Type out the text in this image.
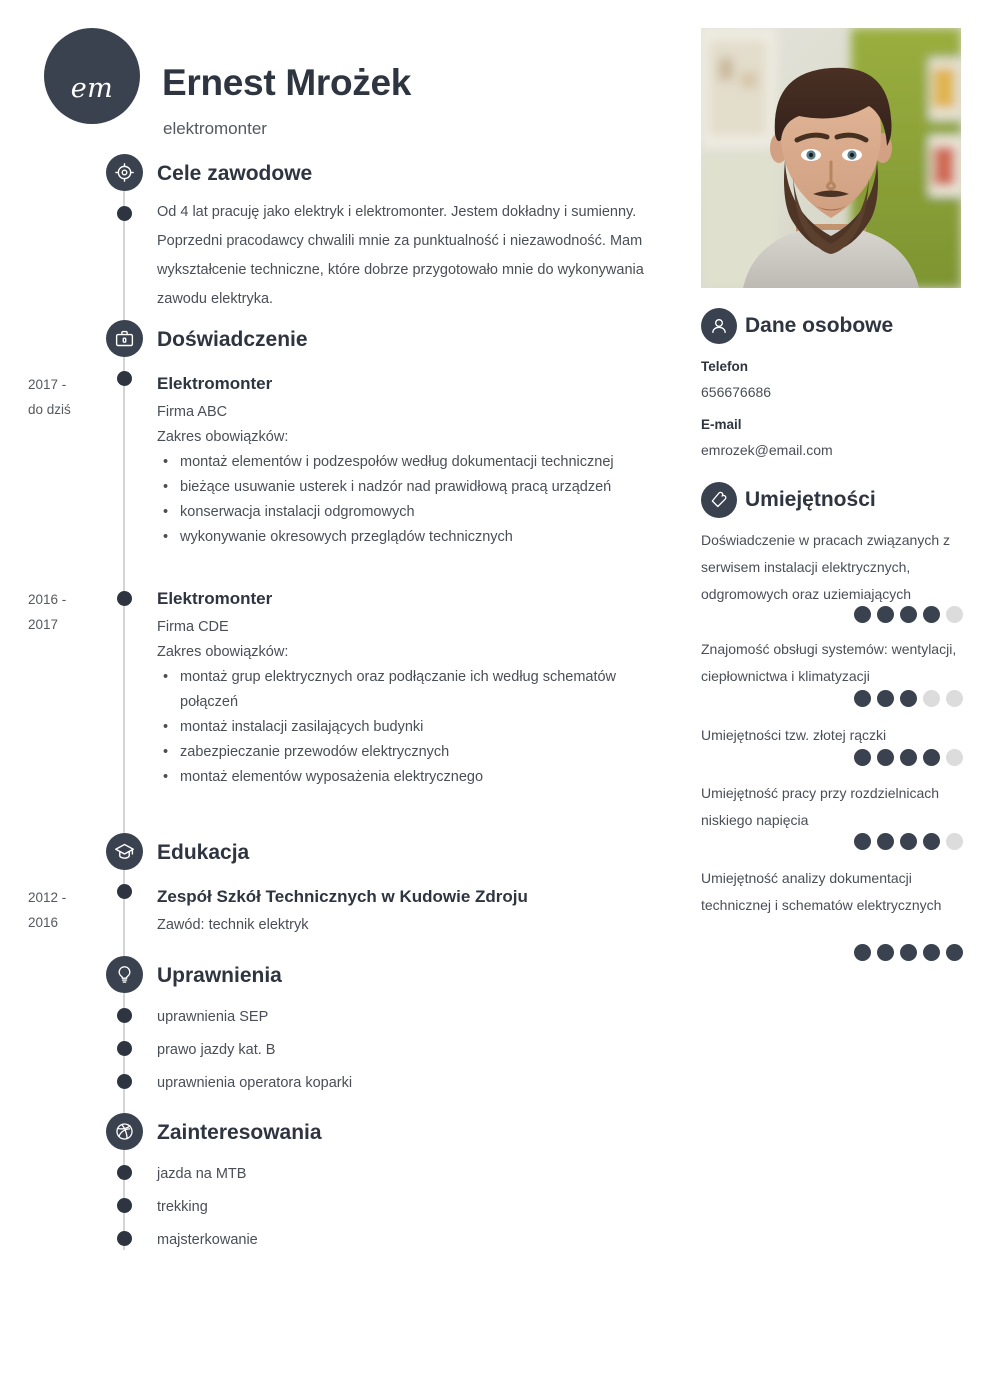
em Ernest Mrożek
elektromonter
Cele zawodowe
Od 4 lat pracuję jako elektryk i elektromonter. Jestem dokładny i sumienny. Poprzedni pracodawcy chwalili mnie za punktualność i niezawodność. Mam wykształcenie techniczne, które dobrze przygotowało mnie do wykonywania zawodu elektryka.
Doświadczenie
2017 -
do dziś
Elektromonter
Firma ABC
Zakres obowiązków:
• montaż elementów i podzespołów według dokumentacji technicznej
• bieżące usuwanie usterek i nadzór nad prawidłową pracą urządzeń
• konserwacja instalacji odgromowych
• wykonywanie okresowych przeglądów technicznych
2016 -
2017
Elektromonter
Firma CDE
Zakres obowiązków:
• montaż grup elektrycznych oraz podłączanie ich według schematów połączeń
• montaż instalacji zasilających budynki
• zabezpieczanie przewodów elektrycznych
• montaż elementów wyposażenia elektrycznego
Edukacja
2012 -
2016
Zespół Szkół Technicznych w Kudowie Zdroju
Zawód: technik elektryk
Uprawnienia
uprawnienia SEP
prawo jazdy kat. B
uprawnienia operatora koparki
Zainteresowania
jazda na MTB
trekking
majsterkowanie
Dane osobowe
Telefon
656676686
E-mail
emrozek@email.com
Umiejętności
Doświadczenie w pracach związanych z serwisem instalacji elektrycznych, odgromowych oraz uziemiających
Znajomość obsługi systemów: wentylacji, ciepłownictwa i klimatyzacji
Umiejętności tzw. złotej rączki
Umiejętność pracy przy rozdzielnicach niskiego napięcia
Umiejętność analizy dokumentacji technicznej i schematów elektrycznych
